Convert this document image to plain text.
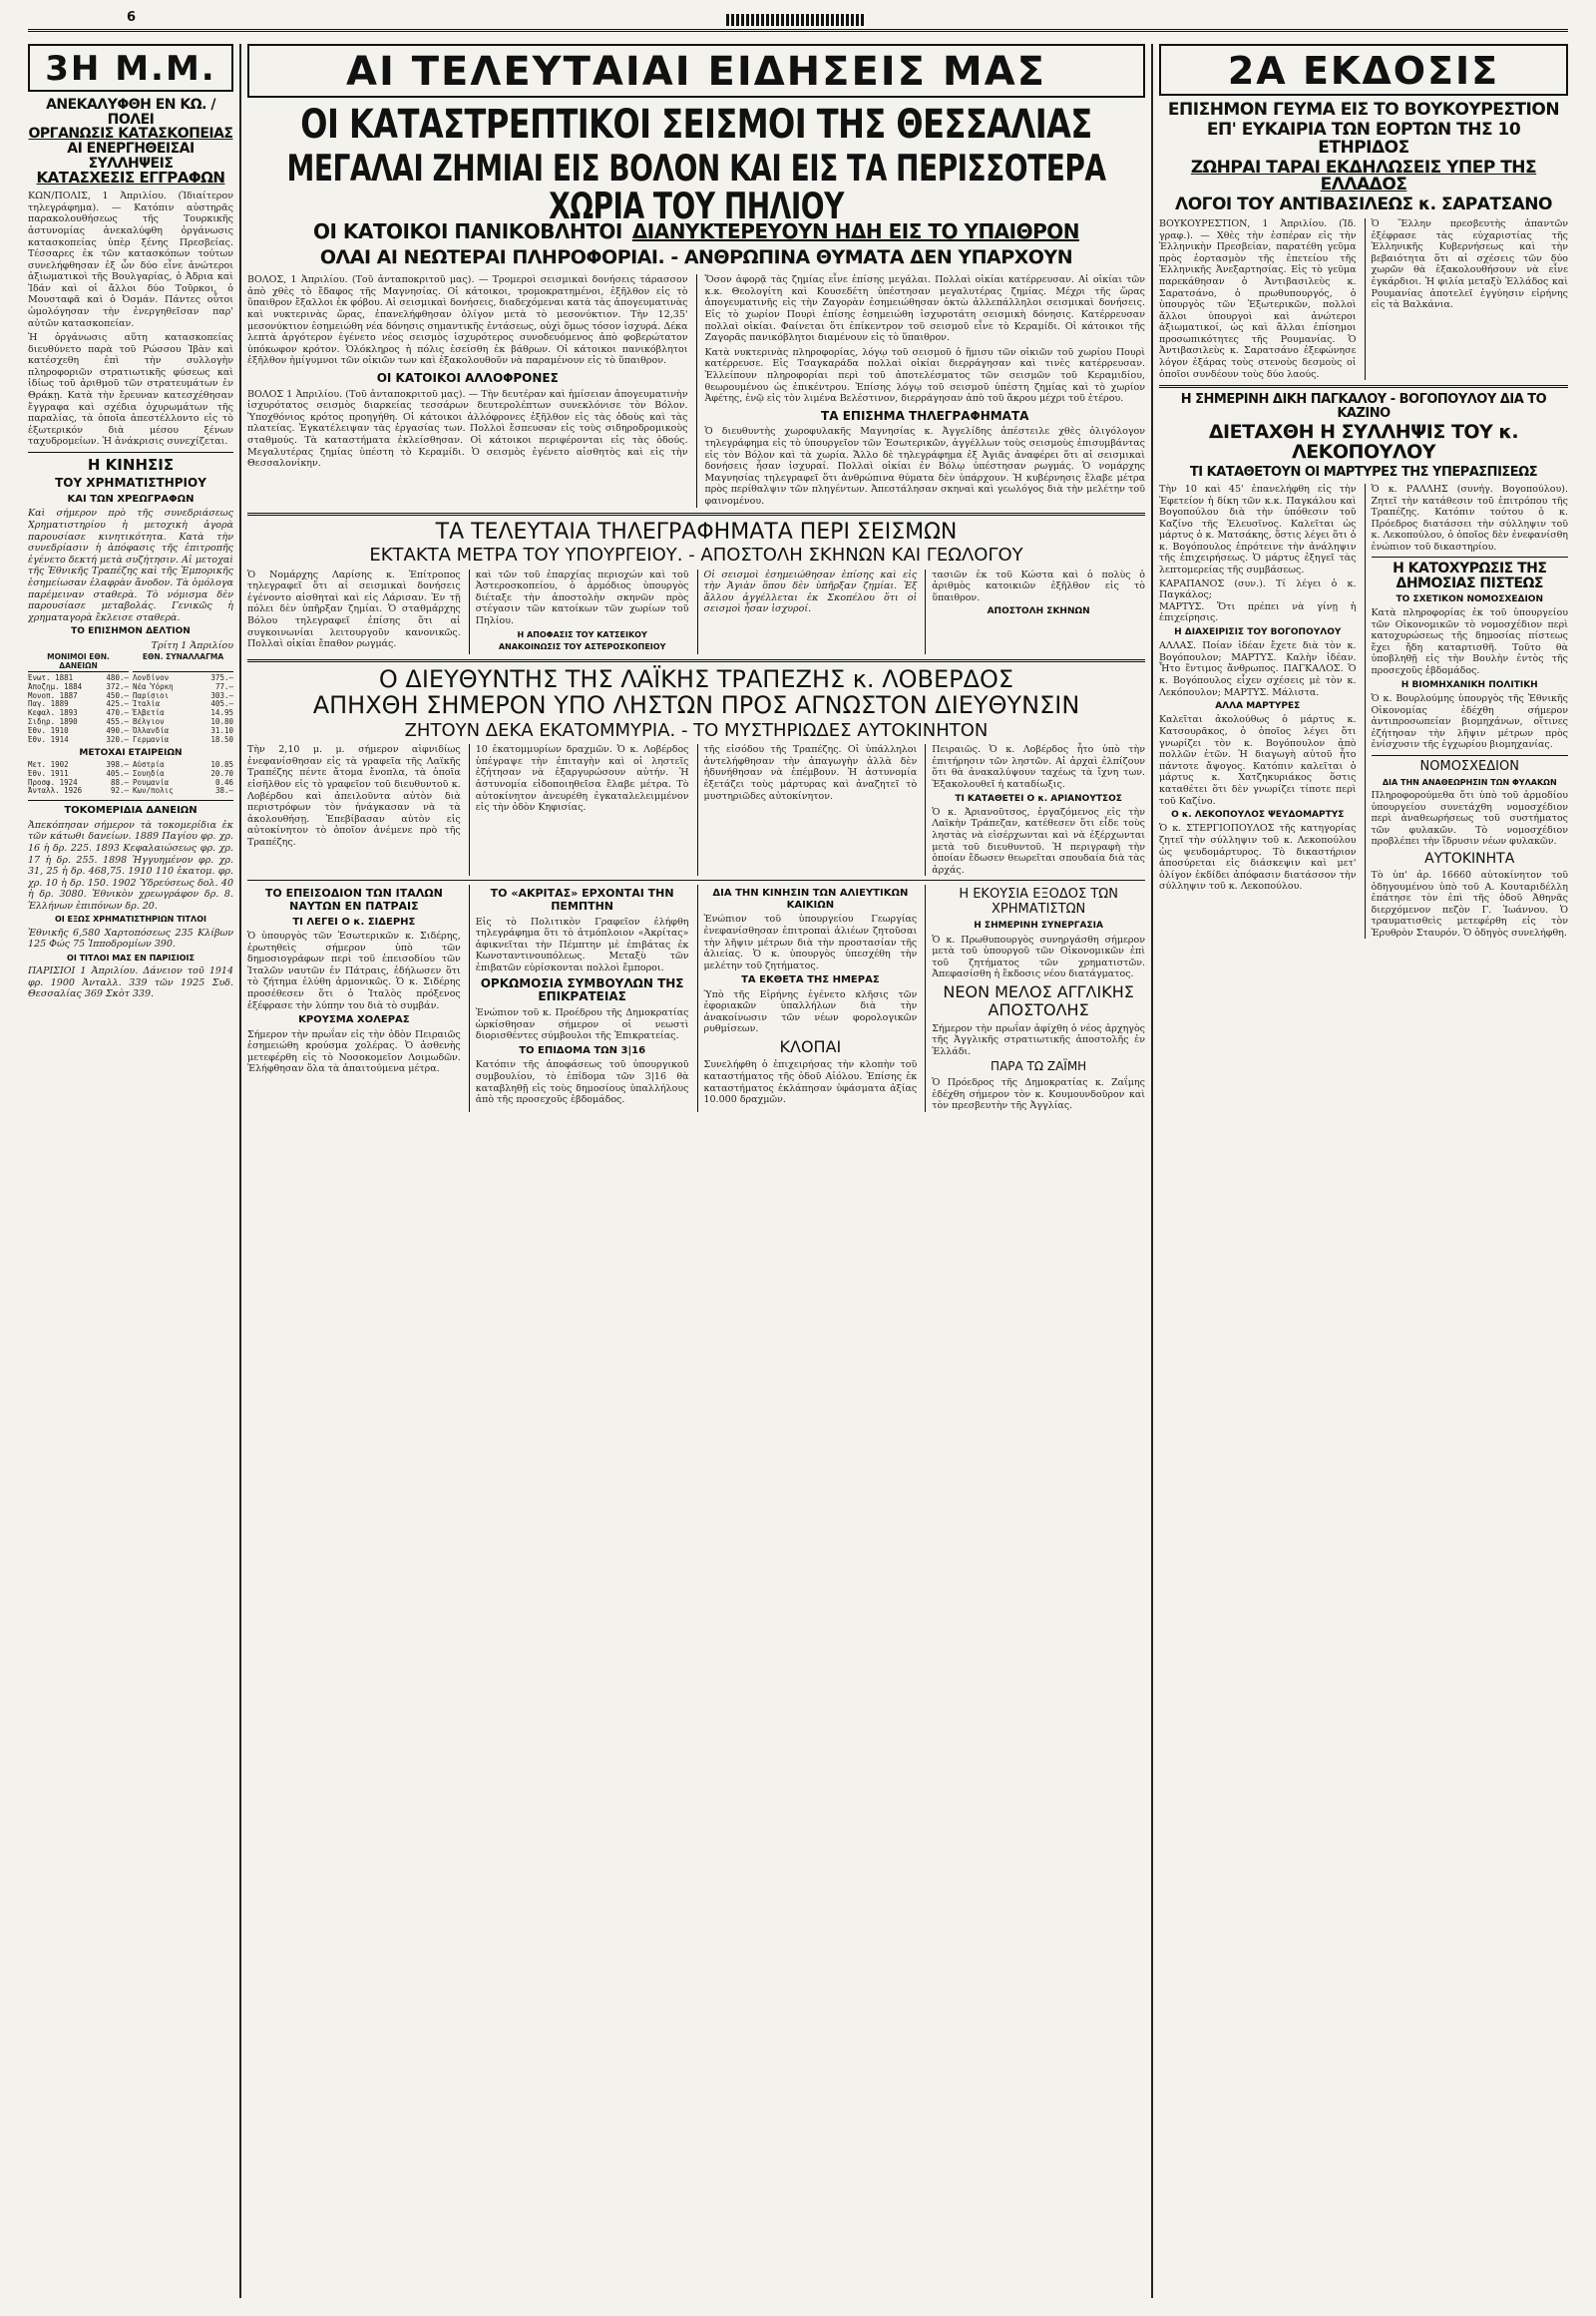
6
3Η Μ.Μ.
ΑΝΕΚΑΛΥΦΘΗ ΕΝ ΚΩ. / ΠΟΛΕΙ
ΟΡΓΑΝΩΣΙΣ ΚΑΤΑΣΚΟΠΕΙΑΣ
ΑΙ ΕΝΕΡΓΗΘΕΙΣΑΙ ΣΥΛΛΗΨΕΙΣ
ΚΑΤΑΣΧΕΣΙΣ ΕΓΓΡΑΦΩΝ
ΚΩΝ/ΠΟΛΙΣ, 1 Ἀπριλίου. (Ἰδιαίτερον τηλεγράφημα). — Κατόπιν αὐστηρᾶς παρακολουθήσεως τῆς Τουρκικῆς ἀστυνομίας ἀνεκαλύφθη ὀργάνωσις κατασκοπείας ὑπὲρ ξένης Πρεσβείας. Τέσσαρες ἐκ τῶν κατασκόπων τούτων συνελήφθησαν ἐξ ὧν δύο εἶνε ἀνώτεροι ἀξιωματικοὶ τῆς Βουλγαρίας, ὁ Ἀδρια καὶ Ἰδάν καὶ οἱ ἄλλοι δύο Τοῦρκοι, ὁ Μουσταφᾶ καὶ ὁ Ὀσμάν. Πάντες οὗτοι ὡμολόγησαν τὴν ἐνεργηθεῖσαν παρ' αὐτῶν κατασκοπείαν.
Ἡ ὀργάνωσις αὕτη κατασκοπείας διευθύνετο παρὰ τοῦ Ρώσσου Ἰβὰν καὶ κατέσχεθη ἐπὶ τὴν συλλογὴν πληροφοριῶν στρατιωτικῆς φύσεως καὶ ἰδίως τοῦ ἀριθμοῦ τῶν στρατευμάτων ἐν Θράκῃ. Κατὰ τὴν ἔρευναν κατεσχέθησαν ἔγγραφα καὶ σχέδια ὀχυρωμάτων τῆς παραλίας, τὰ ὁποῖα ἀπεστέλλοντο εἰς τὸ ἐξωτερικόν διὰ μέσου ξένων ταχυδρομείων. Ἡ ἀνάκρισις συνεχίζεται.
Η ΚΙΝΗΣΙΣ
ΤΟΥ ΧΡΗΜΑΤΙΣΤΗΡΙΟΥ
ΚΑΙ ΤΩΝ ΧΡΕΩΓΡΑΦΩΝ
Καὶ σήμερον πρὸ τῆς συνεδριάσεως Χρηματιστηρίου ἡ μετοχικὴ ἀγορὰ παρουσίασε κινητικότητα. Κατὰ τὴν συνεδρίασιν ἡ ἀπόφασις τῆς ἐπιτροπῆς ἐγένετο δεκτή μετὰ συζήτησιν. Αἱ μετοχαὶ τῆς Ἐθνικῆς Τραπέζης καὶ τῆς Ἐμπορικῆς ἐσημείωσαν ἐλαφρὰν ἄνοδον. Τὰ ὁμόλογα παρέμειναν σταθερὰ. Τὸ νόμισμα δὲν παρουσίασε μεταβολάς. Γενικῶς ἡ χρηματαγορὰ ἔκλεισε σταθερὰ.
ΤΟ ΕΠΙΣΗΜΟΝ ΔΕΛΤΙΟΝ
Τρίτη 1 Ἀπριλίου
ΜΟΝΙΜΟΙ ΕΘΝ. ΔΑΝΕΙΩΝ
ΕΘΝ. ΣΥΝΑΛΛΑΓΜΑ
Ἑνωτ. 1881	480.—
Ἀποζημ. 1884	372.—
Μονοπ. 1887	450.—
Παγ. 1889	425.—
Κεφαλ. 1893	470.—
Σιδηρ. 1890	455.—
Ἐθν. 1910	490.—
Ἐθν. 1914	320.—
Λονδίνον	375.—
Νέα Ὑόρκη	77.—
Παρίσιοι	303.—
Ἰταλία	405.—
Ἑλβετία	14.95
Βέλγιον	10.80
Ὀλλανδία	31.10
Γερμανία	18.50
ΜΕΤΟΧΑΙ ΕΤΑΙΡΕΙΩΝ
Μετ. 1902	398.—
Ἐθν. 1911	405.—
Προσφ. 1924	88.—
Ἀνταλλ. 1926	92.—
Αὐστρία	10.85
Σουηδία	20.70
Ρουμανία	0.46
Κων/πολις	38.—
ΤΟΚΟΜΕΡΙΔΙΑ ΔΑΝΕΙΩΝ
Ἀπεκόπησαν σήμερον τὰ τοκομερίδια ἐκ τῶν κάτωθι δανείων. 1889 Παγίου φρ. χρ. 16 ἡ δρ. 225. 1893 Κεφαλαιώσεως φρ. χρ. 17 ἡ δρ. 255. 1898 Ἠγγυημένον φρ. χρ. 31, 25 ἡ δρ. 468,75. 1910 110 ἑκατομ. φρ. χρ. 10 ἡ δρ. 150. 1902 Ὑδρεύσεως δολ. 40 ἡ δρ. 3080. Ἐθνικὸν χρεωγράφον δρ. 8. Ἑλλήνων ἐπιπόνων δρ. 20.
ΟΙ ΕΞΩΣ ΧΡΗΜΑΤΙΣΤΗΡΙΩΝ ΤΙΤΛΟΙ
Ἐθνικῆς 6,580 Χαρτοπόσεως 235 Κλίβων 125 Φώς 75 Ἰπποδρομίων 390.
ΟΙ ΤΙΤΛΟΙ ΜΑΣ ΕΝ ΠΑΡΙΣΙΟΙΣ
ΠΑΡΙΣΙΟΙ 1 Ἀπριλίου. Δάνειον τοῦ 1914 φρ. 1900 Ἀνταλλ. 339 τῶν 1925 Συδ. Θεσσαλίας 369 Σκὸτ 339.
ΑΙ ΤΕΛΕΥΤΑΙΑΙ ΕΙΔΗΣΕΙΣ ΜΑΣ
ΟΙ ΚΑΤΑΣΤΡΕΠΤΙΚΟΙ ΣΕΙΣΜΟΙ ΤΗΣ ΘΕΣΣΑΛΙΑΣ
ΜΕΓΑΛΑΙ ΖΗΜΙΑΙ ΕΙΣ ΒΟΛΟΝ ΚΑΙ ΕΙΣ ΤΑ ΠΕΡΙΣΣΟΤΕΡΑ ΧΩΡΙΑ ΤΟΥ ΠΗΛΙΟΥ
ΟΙ ΚΑΤΟΙΚΟΙ ΠΑΝΙΚΟΒΛΗΤΟΙ ΔΙΑΝΥΚΤΕΡΕΥΟΥΝ ΗΔΗ ΕΙΣ ΤΟ ΥΠΑΙΘΡΟΝ
ΟΛΑΙ ΑΙ ΝΕΩΤΕΡΑΙ ΠΛΗΡΟΦΟΡΙΑΙ. - ΑΝΘΡΩΠΙΝΑ ΘΥΜΑΤΑ ΔΕΝ ΥΠΑΡΧΟΥΝ
ΒΟΛΟΣ, 1 Ἀπριλίου. (Τοῦ ἀνταποκριτοῦ μας). — Τρομεροὶ σεισμικαὶ δονήσεις τάρασσον ἀπὸ χθὲς τὸ ἔδαφος τῆς Μαγνησίας. Οἱ κάτοικοι, τρομοκρατημένοι, ἐξῆλθον εἰς τὸ ὕπαιθρον ἔξαλλοι ἐκ φόβου. Αἱ σεισμικαὶ δονήσεις, διαδεχόμεναι κατὰ τὰς ἀπογευματινὰς καὶ νυκτερινὰς ὥρας, ἐπανελήφθησαν ὀλίγον μετὰ τὸ μεσονύκτιον. Τὴν 12,35' μεσονύκτιον ἐσημειώθη νέα δόνησις σημαντικῆς ἐντάσεως, οὐχὶ ὅμως τόσον ἰσχυρά. Δέκα λεπτὰ ἀργότερον ἐγένετο νέος σεισμὸς ἰσχυρότερος συνοδευόμενος ἀπὸ φοβερώτατον ὑπόκωφον κρότον. Ὁλόκληρος ἡ πόλις ἐσείσθη ἐκ βάθρων. Οἱ κάτοικοι πανικόβλητοι ἐξῆλθον ἡμίγυμνοι τῶν οἰκιῶν των καὶ ἐξακολουθοῦν νὰ παραμένουν εἰς τὸ ὕπαιθρον.
ΟΙ ΚΑΤΟΙΚΟΙ ΑΛΛΟΦΡΟΝΕΣ
ΒΟΛΟΣ 1 Ἀπριλίου. (Τοῦ ἀνταποκριτοῦ μας). — Τὴν δευτέραν καὶ ἡμίσειαν ἀπογευματινὴν ἰσχυρότατος σεισμὸς διαρκείας τεσσάρων δευτερολέπτων συνεκλόνισε τὸν Βόλον. Ὑποχθόνιος κρότος προηγήθη. Οἱ κάτοικοι ἀλλόφρονες ἐξῆλθον εἰς τὰς ὁδοὺς καὶ τὰς πλατείας. Ἐγκατέλειψαν τὰς ἐργασίας των. Πολλοὶ ἔσπευσαν εἰς τοὺς σιδηροδρομικοὺς σταθμούς. Τὰ καταστήματα ἐκλείσθησαν. Οἱ κάτοικοι περιφέρονται εἰς τὰς ὁδούς. Μεγαλυτέρας ζημίας ὑπέστη τὸ Κεραμίδι. Ὁ σεισμὸς ἐγένετο αἰσθητὸς καὶ εἰς τὴν Θεσσαλονίκην.
Ὅσον ἀφορᾷ τὰς ζημίας εἶνε ἐπίσης μεγάλαι. Πολλαὶ οἰκίαι κατέρρευσαν. Αἱ οἰκίαι τῶν κ.κ. Θεολογίτη καὶ Κουσεδέτη ὑπέστησαν μεγαλυτέρας ζημίας. Μέχρι τῆς ὥρας ἀπογευματινῆς εἰς τὴν Ζαγορὰν ἐσημειώθησαν ὀκτὼ ἀλλεπάλληλοι σεισμικαὶ δονήσεις. Εἰς τὸ χωρίον Πουρὶ ἐπίσης ἐσημειώθη ἰσχυροτάτη σεισμικὴ δόνησις. Κατέρρευσαν πολλαὶ οἰκίαι. Φαίνεται ὅτι ἐπίκεντρον τοῦ σεισμοῦ εἶνε τὸ Κεραμίδι. Οἱ κάτοικοι τῆς Ζαγορᾶς πανικόβλητοι διαμένουν εἰς τὸ ὕπαιθρον.
Κατὰ νυκτερινὰς πληροφορίας, λόγῳ τοῦ σεισμοῦ ὁ ἥμισυ τῶν οἰκιῶν τοῦ χωρίου Πουρὶ κατέρρευσε. Εἰς Τσαγκαράδα πολλαὶ οἰκίαι διερράγησαν καὶ τινὲς κατέρρευσαν. Ἐλλείπουν πληροφορίαι περὶ τοῦ ἀποτελέσματος τῶν σεισμῶν τοῦ Κεραμιδίου, θεωρουμένου ὡς ἐπικέντρου. Ἐπίσης λόγῳ τοῦ σεισμοῦ ὑπέστη ζημίας καὶ τὸ χωρίον Ἀφέτης, ἐνῷ εἰς τὸν λιμένα Βελέστινον, διερράγησαν ἀπὸ τοῦ ἄκρου μέχρι τοῦ ἑτέρου.
ΤΑ ΕΠΙΣΗΜΑ ΤΗΛΕΓΡΑΦΗΜΑΤΑ
Ὁ διευθυντὴς χωροφυλακῆς Μαγνησίας κ. Ἀγγελίδης ἀπέστειλε χθὲς ὀλιγόλογον τηλεγράφημα εἰς τὸ ὑπουργεῖον τῶν Ἐσωτερικῶν, ἀγγέλλων τοὺς σεισμοὺς ἐπισυμβάντας εἰς τὸν Βόλον καὶ τὰ χωρία. Ἄλλο δὲ τηλεγράφημα ἐξ Ἀγιᾶς ἀναφέρει ὅτι αἱ σεισμικαὶ δονήσεις ἦσαν ἰσχυραί. Πολλαὶ οἰκίαι ἐν Βόλῳ ὑπέστησαν ρωγμάς. Ὁ νομάρχης Μαγνησίας τηλεγραφεῖ ὅτι ἀνθρώπινα θύματα δὲν ὑπάρχουν. Ἡ κυβέρνησις ἔλαβε μέτρα πρὸς περίθαλψιν τῶν πληγέντων. Ἀπεστάλησαν σκηναὶ καὶ γεωλόγος διὰ τὴν μελέτην τοῦ φαινομένου.
ΤΑ ΤΕΛΕΥΤΑΙΑ ΤΗΛΕΓΡΑΦΗΜΑΤΑ ΠΕΡΙ ΣΕΙΣΜΩΝ
ΕΚΤΑΚΤΑ ΜΕΤΡΑ ΤΟΥ ΥΠΟΥΡΓΕΙΟΥ. - ΑΠΟΣΤΟΛΗ ΣΚΗΝΩΝ ΚΑΙ ΓΕΩΛΟΓΟΥ
Ὁ Νομάρχης Λαρίσης κ. Ἐπίτροπος τηλεγραφεῖ ὅτι αἱ σεισμικαὶ δονήσεις ἐγένοντο αἰσθηταὶ καὶ εἰς Λάρισαν. Ἐν τῇ πόλει δὲν ὑπῆρξαν ζημίαι. Ὁ σταθμάρχης Βόλου τηλεγραφεῖ ἐπίσης ὅτι αἱ συγκοινωνίαι λειτουργοῦν κανονικῶς. Πολλαὶ οἰκίαι ἔπαθον ρωγμάς.
καὶ τῶν τοῦ ἐπαρχίας περιοχών καὶ τοῦ Ἀστεροσκοπείου, ὁ ἀρμόδιος ὑπουργὸς διέταξε τὴν ἀποστολὴν σκηνῶν πρὸς στέγασιν τῶν κατοίκων τῶν χωρίων τοῦ Πηλίου.
Η ΑΠΟΦΑΣΙΣ ΤΟΥ ΚΑΤΣΕΙΚΟΥ
ΑΝΑΚΟΙΝΩΣΙΣ ΤΟΥ ΑΣΤΕΡΟΣΚΟΠΕΙΟΥ
Οἱ σεισμοὶ ἐσημειώθησαν ἐπίσης καὶ εἰς τὴν Ἀγιὰν ὅπου δὲν ὑπῆρξαν ζημίαι. Ἐξ ἄλλου ἀγγέλλεται ἐκ Σκοπέλου ὅτι οἱ σεισμοὶ ἦσαν ἰσχυροί.
τασιῶν ἐκ τοῦ Κώστα καὶ ὁ πολὺς ὁ ἀριθμὸς κατοικιῶν ἐξῆλθον εἰς τὸ ὕπαιθρον.
ΑΠΟΣΤΟΛΗ ΣΚΗΝΩΝ
Ο ΔΙΕΥΘΥΝΤΗΣ ΤΗΣ ΛΑΪΚΗΣ ΤΡΑΠΕΖΗΣ κ. ΛΟΒΕΡΔΟΣ
ΑΠΗΧΘΗ ΣΗΜΕΡΟΝ ΥΠΟ ΛΗΣΤΩΝ ΠΡΟΣ ΑΓΝΩΣΤΟΝ ΔΙΕΥΘΥΝΣΙΝ
ΖΗΤΟΥΝ ΔΕΚΑ ΕΚΑΤΟΜΜΥΡΙΑ. - ΤΟ ΜΥΣΤΗΡΙΩΔΕΣ ΑΥΤΟΚΙΝΗΤΟΝ
Τὴν 2,10 μ. μ. σήμερον αἰφνιδίως ἐνεφανίσθησαν εἰς τὰ γραφεῖα τῆς Λαϊκῆς Τραπέζης πέντε ἄτομα ἔνοπλα, τὰ ὁποῖα εἰσῆλθον εἰς τὸ γραφεῖον τοῦ διευθυντοῦ κ. Λοβέρδου καὶ ἀπειλοῦντα αὐτὸν διὰ περιστρόφων τὸν ἠνάγκασαν νὰ τὰ ἀκολουθήσῃ. Ἐπεβίβασαν αὐτὸν εἰς αὐτοκίνητον τὸ ὁποῖον ἀνέμενε πρὸ τῆς Τραπέζης.
10 ἑκατομμυρίων δραχμῶν. Ὁ κ. Λοβέρδος ὑπέγραψε τὴν ἐπιταγὴν καὶ οἱ ληστεῖς ἐζήτησαν νὰ ἐξαργυρώσουν αὐτήν. Ἡ ἀστυνομία εἰδοποιηθεῖσα ἔλαβε μέτρα. Τὸ αὐτοκίνητον ἀνευρέθη ἐγκαταλελειμμένον εἰς τὴν ὁδὸν Κηφισίας.
τῆς εἰσόδου τῆς Τραπέζης. Οἱ ὑπάλληλοι ἀντελήφθησαν τὴν ἀπαγωγὴν ἀλλὰ δὲν ἠδυνήθησαν νὰ ἐπέμβουν. Ἡ ἀστυνομία ἐξετάζει τοὺς μάρτυρας καὶ ἀναζητεῖ τὸ μυστηριῶδες αὐτοκίνητον.
Πειραιῶς. Ὁ κ. Λοβέρδος ἦτο ὑπὸ τὴν ἐπιτήρησιν τῶν ληστῶν. Αἱ ἀρχαὶ ἐλπίζουν ὅτι θὰ ἀνακαλύψουν ταχέως τὰ ἴχνη των. Ἐξακολουθεῖ ἡ καταδίωξις.
ΤΙ ΚΑΤΑΘΕΤΕΙ Ο κ. ΑΡΙΑΝΟΥΤΣΟΣ
Ὁ κ. Ἀριανοῦτσος, ἐργαζόμενος εἰς τὴν Λαϊκὴν Τράπεζαν, κατέθεσεν ὅτι εἶδε τοὺς ληστὰς νὰ εἰσέρχωνται καὶ νὰ ἐξέρχωνται μετὰ τοῦ διευθυντοῦ. Ἡ περιγραφὴ τὴν ὁποίαν ἔδωσεν θεωρεῖται σπουδαία διὰ τὰς ἀρχάς.
ΤΟ ΕΠΕΙΣΟΔΙΟΝ ΤΩΝ ΙΤΑΛΩΝ ΝΑΥΤΩΝ ΕΝ ΠΑΤΡΑΙΣ
ΤΙ ΛΕΓΕΙ Ο κ. ΣΙΔΕΡΗΣ
Ὁ ὑπουργὸς τῶν Ἐσωτερικῶν κ. Σιδέρης, ἐρωτηθεὶς σήμερον ὑπὸ τῶν δημοσιογράφων περὶ τοῦ ἐπεισοδίου τῶν Ἰταλῶν ναυτῶν ἐν Πάτραις, ἐδήλωσεν ὅτι τὸ ζήτημα ἐλύθη ἀρμονικῶς. Ὁ κ. Σιδέρης προσέθεσεν ὅτι ὁ Ἰταλὸς πρόξενος ἐξέφρασε τὴν λύπην του διὰ τὸ συμβάν.
ΚΡΟΥΣΜΑ ΧΟΛΕΡΑΣ
Σήμερον τὴν πρωΐαν εἰς τὴν ὁδὸν Πειραιῶς ἐσημειώθη κρούσμα χολέρας. Ὁ ἀσθενὴς μετεφέρθη εἰς τὸ Νοσοκομεῖον Λοιμωδῶν. Ἐλήφθησαν ὅλα τὰ ἀπαιτούμενα μέτρα.
ΤΟ «ΑΚΡΙΤΑΣ» ΕΡΧΟΝΤΑΙ ΤΗΝ ΠΕΜΠΤΗΝ
Εἰς τὸ Πολιτικὸν Γραφεῖον ἐλήφθη τηλεγράφημα ὅτι τὸ ἀτμόπλοιον «Ἀκρίτας» ἀφικνεῖται τὴν Πέμπτην μὲ ἐπιβάτας ἐκ Κωνσταντινουπόλεως. Μεταξὺ τῶν ἐπιβατῶν εὑρίσκονται πολλοὶ ἔμποροι.
ΟΡΚΩΜΟΣΙΑ ΣΥΜΒΟΥΛΩΝ ΤΗΣ ΕΠΙΚΡΑΤΕΙΑΣ
Ἐνώπιον τοῦ κ. Προέδρου τῆς Δημοκρατίας ὡρκίσθησαν σήμερον οἱ νεωστὶ διορισθέντες σύμβουλοι τῆς Ἐπικρατείας.
ΤΟ ΕΠΙΔΟΜΑ ΤΩΝ 3|16
Κατόπιν τῆς ἀποφάσεως τοῦ ὑπουργικοῦ συμβουλίου, τὸ ἐπίδομα τῶν 3|16 θὰ καταβληθῇ εἰς τοὺς δημοσίους ὑπαλλήλους ἀπὸ τῆς προσεχοῦς ἑβδομάδος.
ΔΙΑ ΤΗΝ ΚΙΝΗΣΙΝ ΤΩΝ ΑΛΙΕΥΤΙΚΩΝ ΚΑΙΚΙΩΝ
Ἐνώπιον τοῦ ὑπουργείου Γεωργίας ἐνεφανίσθησαν ἐπιτροπαὶ ἁλιέων ζητοῦσαι τὴν λῆψιν μέτρων διὰ τὴν προστασίαν τῆς ἁλιείας. Ὁ κ. ὑπουργὸς ὑπεσχέθη τὴν μελέτην τοῦ ζητήματος.
ΤΑ ΕΚΘΕΤΑ ΤΗΣ ΗΜΕΡΑΣ
Ὑπὸ τῆς Εἰρήνης ἐγένετο κλῆσις τῶν ἐφοριακῶν ὑπαλλήλων διὰ τὴν ἀνακοίνωσιν τῶν νέων φορολογικῶν ρυθμίσεων.
ΚΛΟΠΑΙ
Συνελήφθη ὁ ἐπιχειρήσας τὴν κλοπὴν τοῦ καταστήματος τῆς ὁδοῦ Αἰόλου. Ἐπίσης ἐκ καταστήματος ἐκλάπησαν ὑφάσματα ἀξίας 10.000 δραχμῶν.
Η ΕΚΟΥΣΙΑ ΕΞΟΔΟΣ ΤΩΝ ΧΡΗΜΑΤΙΣΤΩΝ
Η ΣΗΜΕΡΙΝΗ ΣΥΝΕΡΓΑΣΙΑ
Ὁ κ. Πρωθυπουργὸς συνηργάσθη σήμερον μετὰ τοῦ ὑπουργοῦ τῶν Οἰκονομικῶν ἐπὶ τοῦ ζητήματος τῶν χρηματιστῶν. Ἀπεφασίσθη ἡ ἔκδοσις νέου διατάγματος.
ΝΕΟΝ ΜΕΛΟΣ ΑΓΓΛΙΚΗΣ ΑΠΟΣΤΟΛΗΣ
Σήμερον τὴν πρωΐαν ἀφίχθη ὁ νέος ἀρχηγὸς τῆς Ἀγγλικῆς στρατιωτικῆς ἀποστολῆς ἐν Ἑλλάδι.
ΠΑΡΑ ΤΩ ΖΑΪΜΗ
Ὁ Πρόεδρος τῆς Δημοκρατίας κ. Ζαΐμης ἐδέχθη σήμερον τὸν κ. Κουμουνδοῦρον καὶ τὸν πρεσβευτὴν τῆς Ἀγγλίας.
2Α ΕΚΔΟΣΙΣ
ΕΠΙΣΗΜΟΝ ΓΕΥΜΑ ΕΙΣ ΤΟ ΒΟΥΚΟΥΡΕΣΤΙΟΝ
ΕΠ' ΕΥΚΑΙΡΙΑ ΤΩΝ ΕΟΡΤΩΝ ΤΗΣ 10 ΕΤΗΡΙΔΟΣ
ΖΩΗΡΑΙ ΤΑΡΑΙ ΕΚΔΗΛΩΣΕΙΣ ΥΠΕΡ ΤΗΣ ΕΛΛΑΔΟΣ
ΛΟΓΟΙ ΤΟΥ ΑΝΤΙΒΑΣΙΛΕΩΣ κ. ΣΑΡΑΤΣΑΝΟ
ΒΟΥΚΟΥΡΕΣΤΙΟΝ, 1 Ἀπριλίου. (Ἰδ. γραφ.). — Χθὲς τὴν ἑσπέραν εἰς τὴν Ἑλληνικὴν Πρεσβείαν, παρατέθη γεῦμα πρὸς ἑορτασμὸν τῆς ἐπετείου τῆς Ἑλληνικῆς Ἀνεξαρτησίας. Εἰς τὸ γεῦμα παρεκάθησαν ὁ Ἀντιβασιλεὺς κ. Σαρατσάνο, ὁ πρωθυπουργός, ὁ ὑπουργὸς τῶν Ἐξωτερικῶν, πολλοὶ ἄλλοι ὑπουργοὶ καὶ ἀνώτεροι ἀξιωματικοί, ὡς καὶ ἄλλαι ἐπίσημοι προσωπικότητες τῆς Ρουμανίας. Ὁ Ἀντιβασιλεὺς κ. Σαρατσάνο ἐξεφώνησε λόγον ἐξάρας τοὺς στενοὺς δεσμοὺς οἱ ὁποῖοι συνδέουν τοὺς δύο λαούς.
Ὁ Ἕλλην πρεσβευτὴς ἀπαντῶν ἐξέφρασε τὰς εὐχαριστίας τῆς Ἑλληνικῆς Κυβερνήσεως καὶ τὴν βεβαιότητα ὅτι αἱ σχέσεις τῶν δύο χωρῶν θὰ ἐξακολουθήσουν νὰ εἶνε ἐγκάρδιοι. Ἡ φιλία μεταξὺ Ἑλλάδος καὶ Ρουμανίας ἀποτελεῖ ἐγγύησιν εἰρήνης εἰς τὰ Βαλκάνια.
Η ΣΗΜΕΡΙΝΗ ΔΙΚΗ ΠΑΓΚΑΛΟΥ - ΒΟΓΟΠΟΥΛΟΥ ΔΙΑ ΤΟ ΚΑΖΙΝΟ
ΔΙΕΤΑΧΘΗ Η ΣΥΛΛΗΨΙΣ ΤΟΥ κ. ΛΕΚΟΠΟΥΛΟΥ
ΤΙ ΚΑΤΑΘΕΤΟΥΝ ΟΙ ΜΑΡΤΥΡΕΣ ΤΗΣ ΥΠΕΡΑΣΠΙΣΕΩΣ
Τὴν 10 καὶ 45' ἐπανελήφθη εἰς τὴν Ἐφετείον ἡ δίκη τῶν κ.κ. Παγκάλου καὶ Βογοπούλου διὰ τὴν ὑπόθεσιν τοῦ Καζίνο τῆς Ἐλευσῖνος. Καλεῖται ὡς μάρτυς ὁ κ. Ματσάκης, ὅστις λέγει ὅτι ὁ κ. Βογόπουλος ἐπρότεινε τὴν ἀνάληψιν τῆς ἐπιχειρήσεως. Ὁ μάρτυς ἐξηγεῖ τὰς λεπτομερείας τῆς συμβάσεως.
ΚΑΡΑΠΑΝΟΣ (συν.). Τί λέγει ὁ κ. Παγκάλος;
ΜΑΡΤΥΣ. Ὅτι πρέπει νὰ γίνῃ ἡ ἐπιχείρησις.
Η ΔΙΑΧΕΙΡΙΣΙΣ ΤΟΥ ΒΟΓΟΠΟΥΛΟΥ
ΑΛΛΑΣ. Ποίαν ἰδέαν ἔχετε διὰ τὸν κ. Βογόπουλον; ΜΑΡΤΥΣ. Καλὴν ἰδέαν. Ἦτο ἔντιμος ἄνθρωπος. ΠΑΓΚΑΛΟΣ. Ὁ κ. Βογόπουλος εἶχεν σχέσεις μὲ τὸν κ. Λεκόπουλον; ΜΑΡΤΥΣ. Μάλιστα.
ΑΛΛΑ ΜΑΡΤΥΡΕΣ
Καλεῖται ἀκολούθως ὁ μάρτυς κ. Κατσουρᾶκος, ὁ ὁποῖος λέγει ὅτι γνωρίζει τὸν κ. Βογόπουλον ἀπὸ πολλῶν ἐτῶν. Ἡ διαγωγὴ αὐτοῦ ἦτο πάντοτε ἄψογος. Κατόπιν καλεῖται ὁ μάρτυς κ. Χατζηκυριάκος ὅστις καταθέτει ὅτι δὲν γνωρίζει τίποτε περὶ τοῦ Καζίνο.
Ο κ. ΛΕΚΟΠΟΥΛΟΣ ΨΕΥΔΟΜΑΡΤΥΣ
Ὁ κ. ΣΤΕΡΓΙΟΠΟΥΛΟΣ τῆς κατηγορίας ζητεῖ τὴν σύλληψιν τοῦ κ. Λεκοπούλου ὡς ψευδομάρτυρος. Τὸ δικαστήριον ἀποσύρεται εἰς διάσκεψιν καὶ μετ' ὀλίγον ἐκδίδει ἀπόφασιν διατάσσον τὴν σύλληψιν τοῦ κ. Λεκοπούλου.
Ὁ κ. ΡΑΛΛΗΣ (συνήγ. Βογοπούλου). Ζητεῖ τὴν κατάθεσιν τοῦ ἐπιτρόπου τῆς Τραπέζης. Κατόπιν τούτου ὁ κ. Πρόεδρος διατάσσει τὴν σύλληψιν τοῦ κ. Λεκοπούλου, ὁ ὁποῖος δὲν ἐνεφανίσθη ἐνώπιον τοῦ δικαστηρίου.
Η ΚΑΤΟΧΥΡΩΣΙΣ ΤΗΣ ΔΗΜΟΣΙΑΣ ΠΙΣΤΕΩΣ
ΤΟ ΣΧΕΤΙΚΟΝ ΝΟΜΟΣΧΕΔΙΟΝ
Κατὰ πληροφορίας ἐκ τοῦ ὑπουργείου τῶν Οἰκονομικῶν τὸ νομοσχέδιον περὶ κατοχυρώσεως τῆς δημοσίας πίστεως ἔχει ἤδη καταρτισθῆ. Τοῦτο θὰ ὑποβληθῇ εἰς τὴν Βουλὴν ἐντὸς τῆς προσεχοῦς ἑβδομάδος.
Η ΒΙΟΜΗΧΑΝΙΚΗ ΠΟΛΙΤΙΚΗ
Ὁ κ. Βουρλούμης ὑπουργὸς τῆς Ἐθνικῆς Οἰκονομίας ἐδέχθη σήμερον ἀντιπροσωπείαν βιομηχάνων, οἵτινες ἐζήτησαν τὴν λῆψιν μέτρων πρὸς ἐνίσχυσιν τῆς ἐγχωρίου βιομηχανίας.
ΝΟΜΟΣΧΕΔΙΟΝ
ΔΙΑ ΤΗΝ ΑΝΑΘΕΩΡΗΣΙΝ ΤΩΝ ΦΥΛΑΚΩΝ
Πληροφορούμεθα ὅτι ὑπὸ τοῦ ἁρμοδίου ὑπουργείου συνετάχθη νομοσχέδιον περὶ ἀναθεωρήσεως τοῦ συστήματος τῶν φυλακῶν. Τὸ νομοσχέδιον προβλέπει τὴν ἵδρυσιν νέων φυλακῶν.
ΑΥΤΟΚΙΝΗΤΑ
Τὸ ὑπ' ἀρ. 16660 αὐτοκίνητον τοῦ ὁδηγουμένου ὑπὸ τοῦ Α. Κουταριδέλλη ἐπάτησε τὸν ἐπὶ τῆς ὁδοῦ Ἀθηνᾶς διερχόμενον πεζὸν Γ. Ἰωάννου. Ὁ τραυματισθεὶς μετεφέρθη εἰς τὸν Ἐρυθρὸν Σταυρόν. Ὁ ὁδηγὸς συνελήφθη.
